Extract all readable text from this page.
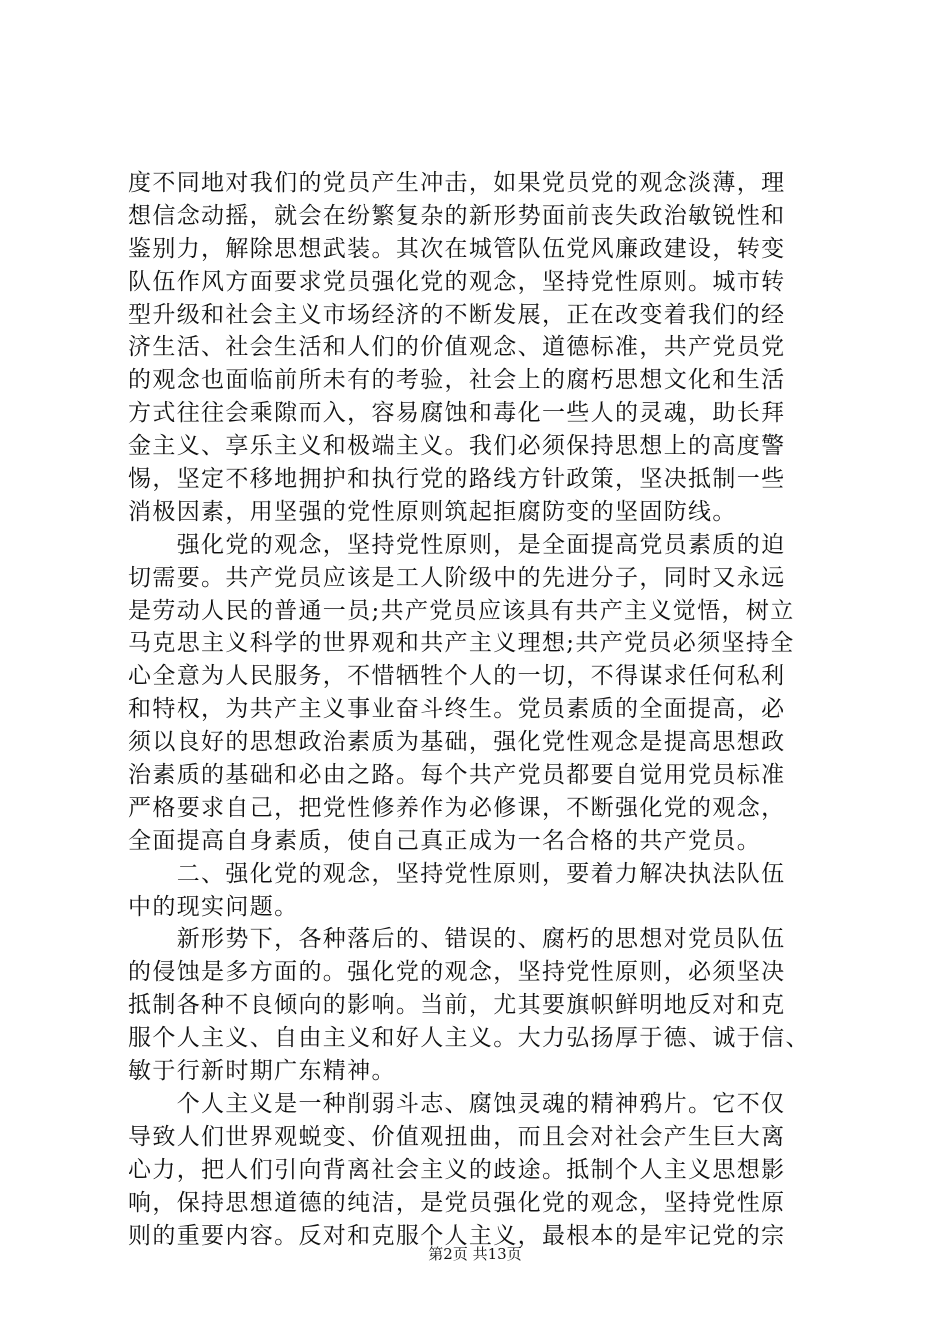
度不同地对我们的党员产生冲击，如果党员党的观念淡薄，理
想信念动摇，就会在纷繁复杂的新形势面前丧失政治敏锐性和
鉴别力，解除思想武装。其次在城管队伍党风廉政建设，转变
队伍作风方面要求党员强化党的观念，坚持党性原则。城市转
型升级和社会主义市场经济的不断发展，正在改变着我们的经
济生活、社会生活和人们的价值观念、道德标准，共产党员党
的观念也面临前所未有的考验，社会上的腐朽思想文化和生活
方式往往会乘隙而入，容易腐蚀和毒化一些人的灵魂，助长拜
金主义、享乐主义和极端主义。我们必须保持思想上的高度警
惕，坚定不移地拥护和执行党的路线方针政策，坚决抵制一些
消极因素，用坚强的党性原则筑起拒腐防变的坚固防线。
　　强化党的观念，坚持党性原则，是全面提高党员素质的迫
切需要。共产党员应该是工人阶级中的先进分子，同时又永远
是劳动人民的普通一员;共产党员应该具有共产主义觉悟，树立
马克思主义科学的世界观和共产主义理想;共产党员必须坚持全
心全意为人民服务，不惜牺牲个人的一切，不得谋求任何私利
和特权，为共产主义事业奋斗终生。党员素质的全面提高，必
须以良好的思想政治素质为基础，强化党性观念是提高思想政
治素质的基础和必由之路。每个共产党员都要自觉用党员标准
严格要求自己，把党性修养作为必修课，不断强化党的观念，
全面提高自身素质，使自己真正成为一名合格的共产党员。
　　二、强化党的观念，坚持党性原则，要着力解决执法队伍
中的现实问题。
　　新形势下，各种落后的、错误的、腐朽的思想对党员队伍
的侵蚀是多方面的。强化党的观念，坚持党性原则，必须坚决
抵制各种不良倾向的影响。当前，尤其要旗帜鲜明地反对和克
服个人主义、自由主义和好人主义。大力弘扬厚于德、诚于信、
敏于行新时期广东精神。
　　个人主义是一种削弱斗志、腐蚀灵魂的精神鸦片。它不仅
导致人们世界观蜕变、价值观扭曲，而且会对社会产生巨大离
心力，把人们引向背离社会主义的歧途。抵制个人主义思想影
响，保持思想道德的纯洁，是党员强化党的观念，坚持党性原
则的重要内容。反对和克服个人主义，最根本的是牢记党的宗
第2页 共13页
